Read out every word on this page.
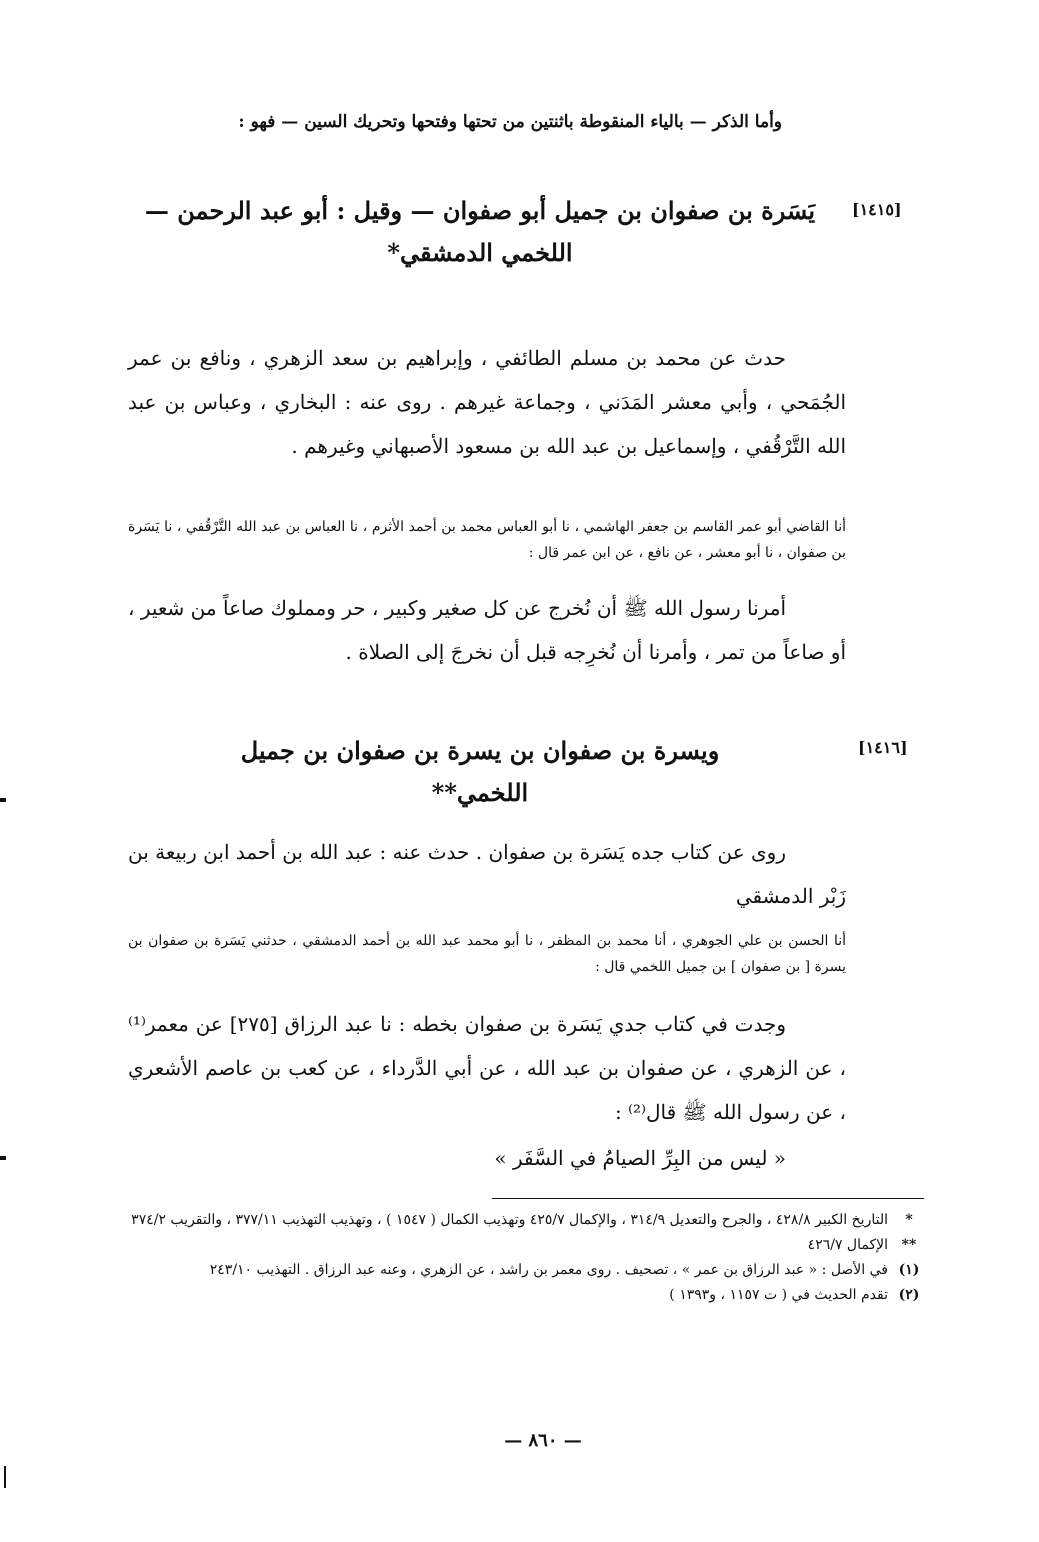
وأما الذكر — بالياء المنقوطة باثنتين من تحتها وفتحها وتحريك السين — فهو :
[١٤١٥]
يَسَرة بن صفوان بن جميل أبو صفوان — وقيل : أبو عبد الرحمن — اللخمي الدمشقي*
حدث عن محمد بن مسلم الطائفي ، وإبراهيم بن سعد الزهري ، ونافع بن عمر الجُمَحي ، وأبي معشر المَدَني ، وجماعة غيرهم . روى عنه : البخاري ، وعباس بن عبد الله التَّرْقُفي ، وإسماعيل بن عبد الله بن مسعود الأصبهاني وغيرهم .
أنا القاضي أبو عمر القاسم بن جعفر الهاشمي ، نا أبو العباس محمد بن أحمد الأثرم ، نا العباس بن عبد الله التَّرْقُفي ، نا يَسَرة بن صفوان ، نا أبو معشر ، عن نافع ، عن ابن عمر قال :
أمرنا رسول الله ﷺ أن نُخرج عن كل صغير وكبير ، حر ومملوك صاعاً من شعير ، أو صاعاً من تمر ، وأمرنا أن نُخرِجه قبل أن نخرجَ إلى الصلاة .
[١٤١٦]
ويسرة بن صفوان بن يسرة بن صفوان بن جميل اللخمي**
روى عن كتاب جده يَسَرة بن صفوان . حدث عنه : عبد الله بن أحمد ابن ربيعة بن زَبْر الدمشقي
أنا الحسن بن علي الجوهري ، أنا محمد بن المظفر ، نا أبو محمد عبد الله بن أحمد الدمشقي ، حدثني يَسَرة بن صفوان بن يسرة [ بن صفوان ] بن جميل اللخمي قال :
وجدت في كتاب جدي يَسَرة بن صفوان بخطه : نا عبد الرزاق [٢٧٥] عن معمر⁽¹⁾ ، عن الزهري ، عن صفوان بن عبد الله ، عن أبي الدَّرداء ، عن كعب بن عاصم الأشعري ، عن رسول الله ﷺ قال⁽²⁾ :
« ليس من البِرِّ الصيامُ في السَّفَر »
*
التاريخ الكبير ٤٢٨/٨ ، والجرح والتعديل ٣١٤/٩ ، والإكمال ٤٢٥/٧ وتهذيب الكمال ( ١٥٤٧ ) ، وتهذيب التهذيب ٣٧٧/١١ ، والتقريب ٣٧٤/٢
**
الإكمال ٤٢٦/٧
(١)
في الأصل : « عبد الرزاق بن عمر » ، تصحيف . روى معمر بن راشد ، عن الزهري ، وعنه عبد الرزاق . التهذيب ٢٤٣/١٠
(٢)
تقدم الحديث في ( ت ١١٥٧ ، و١٣٩٣ )
— ٨٦٠ —
